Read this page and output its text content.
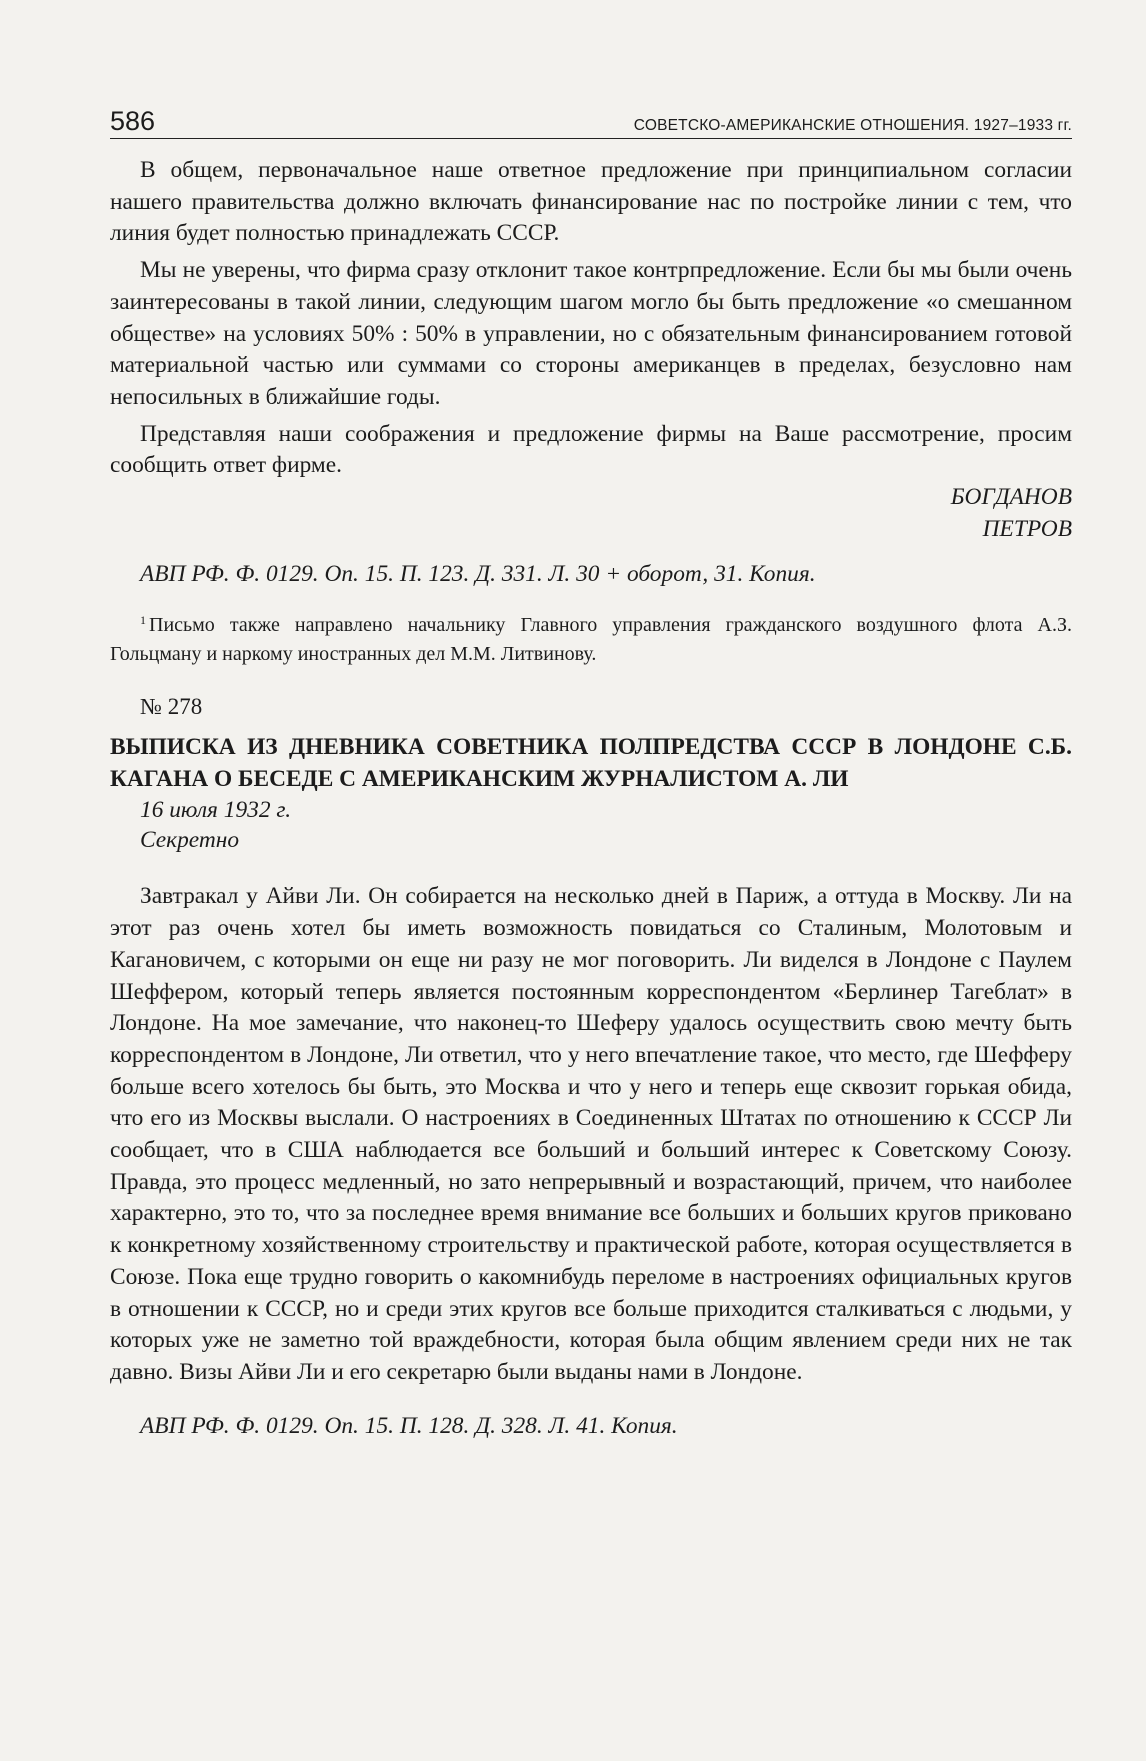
586	СОВЕТСКО-АМЕРИКАНСКИЕ ОТНОШЕНИЯ. 1927–1933 гг.

В общем, первоначальное наше ответное предложение при принципиальном согласии нашего правительства должно включать финансирование нас по постройке линии с тем, что линия будет полностью принадлежать СССР.

Мы не уверены, что фирма сразу отклонит такое контрпредложение. Если бы мы были очень заинтересованы в такой линии, следующим шагом могло бы быть предложение «о смешанном обществе» на условиях 50% : 50% в управлении, но с обязательным финансированием готовой материальной частью или суммами со стороны американцев в пределах, безусловно нам непосильных в ближайшие годы.

Представляя наши соображения и предложение фирмы на Ваше рассмотрение, просим сообщить ответ фирме.

БОГДАНОВ

ПЕТРОВ

АВП РФ. Ф. 0129. Оп. 15. П. 123. Д. 331. Л. 30 + оборот, 31. Копия.

$^1$ Письмо также направлено начальнику Главного управления гражданского воздушного флота А.З. Гольцману и наркому иностранных дел М.М. Литвинову.

№ 278

ВЫПИСКА ИЗ ДНЕВНИКА СОВЕТНИКА ПОЛПРЕДСТВА СССР В ЛОНДОНЕ С.Б. КАГАНА О БЕСЕДЕ С АМЕРИКАНСКИМ ЖУРНАЛИСТОМ А. ЛИ

16 июля 1932 г.

Секретно

Завтракал у Айви Ли. Он собирается на несколько дней в Париж, а оттуда в Москву. Ли на этот раз очень хотел бы иметь возможность повидаться со Сталиным, Молотовым и Кагановичем, с которыми он еще ни разу не мог поговорить. Ли виделся в Лондоне с Паулем Шеффером, который теперь является постоянным корреспондентом «Берлинер Тагеблат» в Лондоне. На мое замечание, что наконец-то Шеферу удалось осуществить свою мечту быть корреспондентом в Лондоне, Ли ответил, что у него впечатление такое, что место, где Шефферу больше всего хотелось бы быть, это Москва и что у него и теперь еще сквозит горькая обида, что его из Москвы выслали. О настроениях в Соединенных Штатах по отношению к СССР Ли сообщает, что в США наблюдается все больший и больший интерес к Советскому Союзу. Правда, это процесс медленный, но зато непрерывный и возрастающий, причем, что наиболее характерно, это то, что за последнее время внимание все больших и больших кругов приковано к конкретному хозяйственному строительству и практической работе, которая осуществляется в Союзе. Пока еще трудно говорить о какомнибудь переломе в настроениях официальных кругов в отношении к СССР, но и среди этих кругов все больше приходится сталкиваться с людьми, у которых уже не заметно той враждебности, которая была общим явлением среди них не так давно. Визы Айви Ли и его секретарю были выданы нами в Лондоне.

АВП РФ. Ф. 0129. Оп. 15. П. 128. Д. 328. Л. 41. Копия.
